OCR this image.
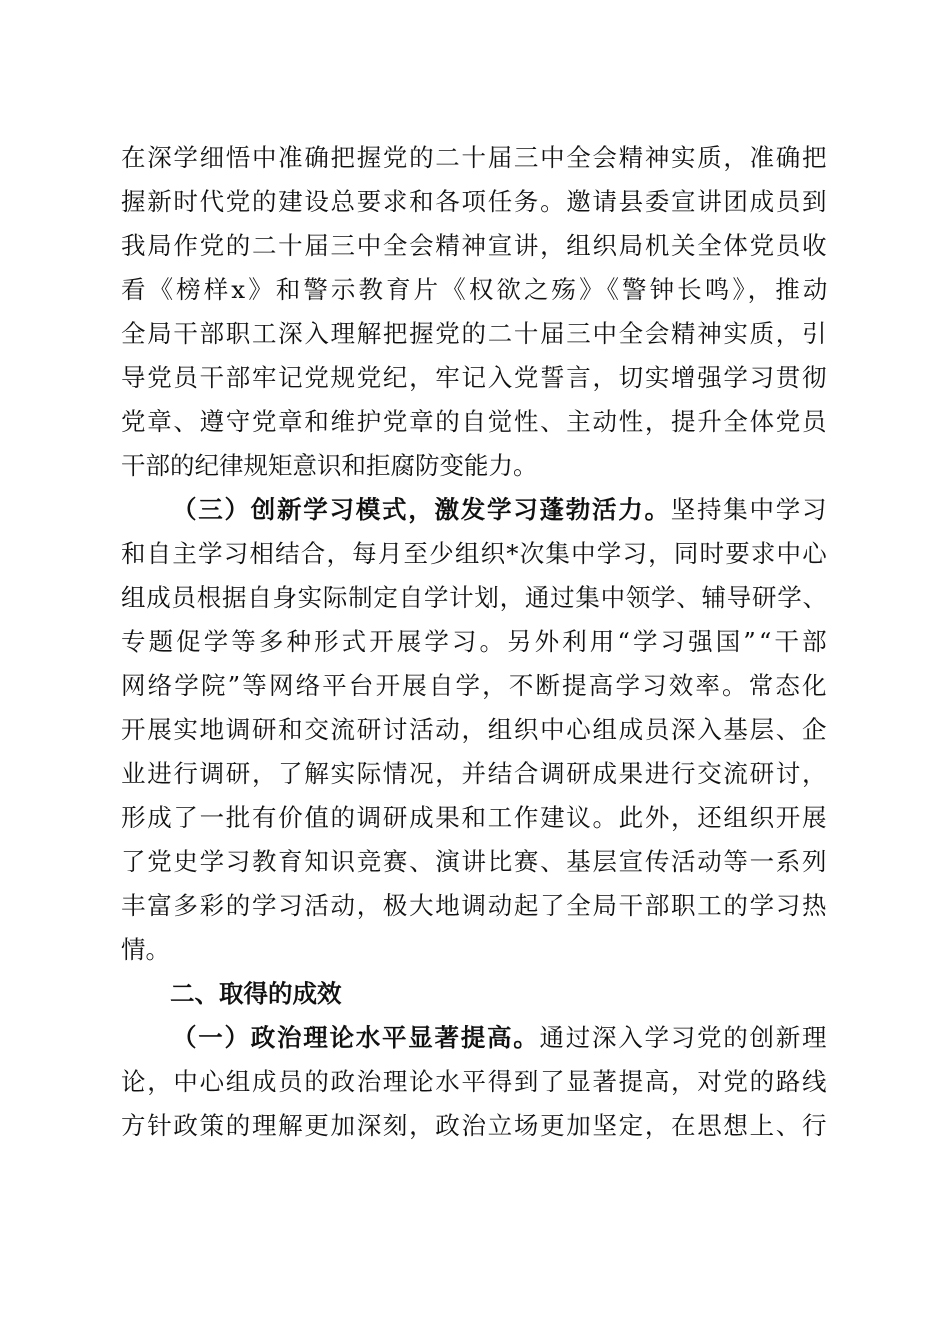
在深学细悟中准确把握党的二十届三中全会精神实质，准确把
握新时代党的建设总要求和各项任务。邀请县委宣讲团成员到
我局作党的二十届三中全会精神宣讲，组织局机关全体党员收
看《榜样x》和警示教育片《权欲之殇》《警钟长鸣》，推动
全局干部职工深入理解把握党的二十届三中全会精神实质，引
导党员干部牢记党规党纪，牢记入党誓言，切实增强学习贯彻
党章、遵守党章和维护党章的自觉性、主动性，提升全体党员
干部的纪律规矩意识和拒腐防变能力。
（三）创新学习模式，激发学习蓬勃活力。坚持集中学习
和自主学习相结合，每月至少组织*次集中学习，同时要求中心
组成员根据自身实际制定自学计划，通过集中领学、辅导研学、
专题促学等多种形式开展学习。另外利用“学习强国”“干部
网络学院”等网络平台开展自学，不断提高学习效率。常态化
开展实地调研和交流研讨活动，组织中心组成员深入基层、企
业进行调研，了解实际情况，并结合调研成果进行交流研讨，
形成了一批有价值的调研成果和工作建议。此外，还组织开展
了党史学习教育知识竞赛、演讲比赛、基层宣传活动等一系列
丰富多彩的学习活动，极大地调动起了全局干部职工的学习热
情。
二、取得的成效
（一）政治理论水平显著提高。通过深入学习党的创新理
论，中心组成员的政治理论水平得到了显著提高，对党的路线
方针政策的理解更加深刻，政治立场更加坚定，在思想上、行
